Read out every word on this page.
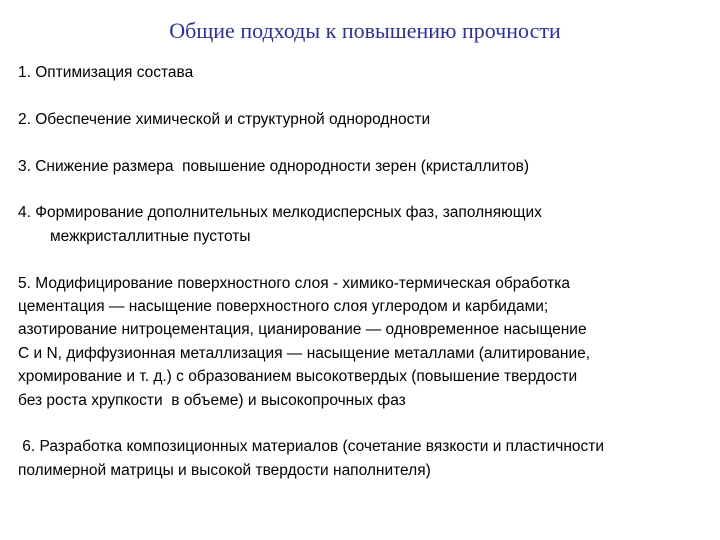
Общие подходы к повышению прочности
1. Оптимизация состава
2. Обеспечение химической и структурной однородности
3. Снижение размера  повышение однородности зерен (кристаллитов)
4. Формирование дополнительных мелкодисперсных фаз, заполняющих
межкристаллитные пустоты
5. Модифицирование поверхностного слоя - химико-термическая обработка
цементация — насыщение поверхностного слоя углеродом и карбидами;
азотирование нитроцементация, цианирование — одновременное насыщение
С и N, диффузионная металлизация — насыщение металлами (алитирование,
хромирование и т. д.) с образованием высокотвердых (повышение твердости
без роста хрупкости  в объеме) и высокопрочных фаз
6. Разработка композиционных материалов (сочетание вязкости и пластичности
полимерной матрицы и высокой твердости наполнителя)
